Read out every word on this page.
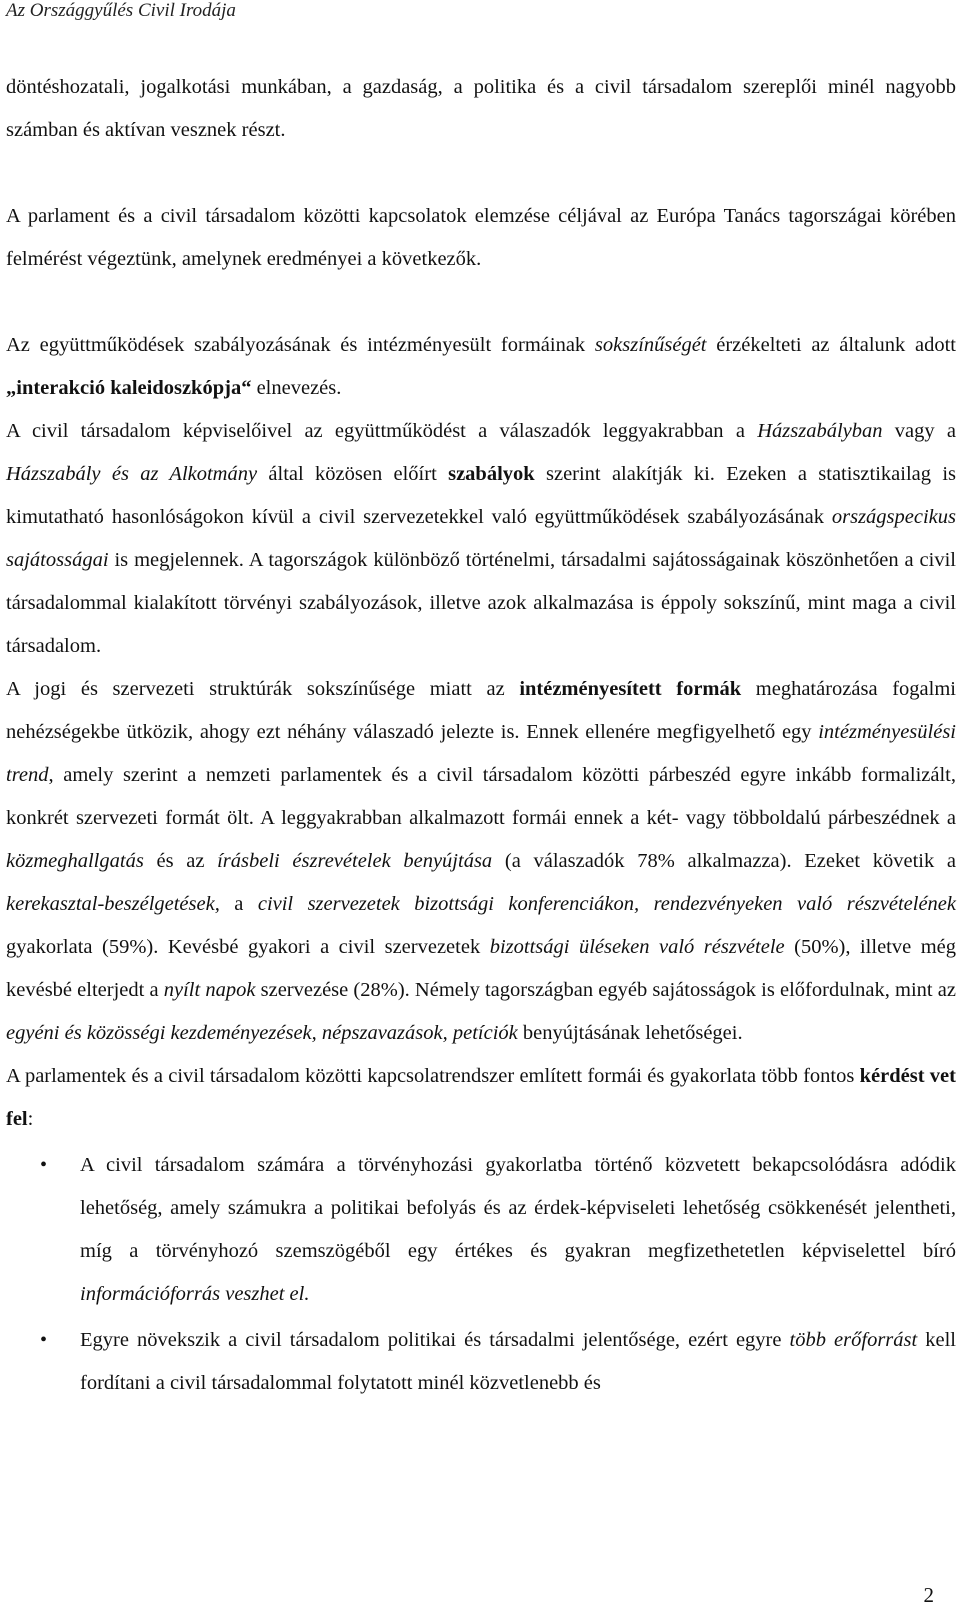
Az Országgyűlés Civil Irodája

döntéshozatali, jogalkotási munkában, a gazdaság, a politika és a civil társadalom szereplői minél nagyobb számban és aktívan vesznek részt.

A parlament és a civil társadalom közötti kapcsolatok elemzése céljával az Európa Tanács tagországai körében felmérést végeztünk, amelynek eredményei a következők.

Az együttműködések szabályozásának és intézményesült formáinak sokszínűségét érzékelteti az általunk adott „interakció kaleidoszkópja“ elnevezés.

A civil társadalom képviselőivel az együttműködést a válaszadók leggyakrabban a Házszabályban vagy a Házszabály és az Alkotmány által közösen előírt szabályok szerint alakítják ki. Ezeken a statisztikailag is kimutatható hasonlóságokon kívül a civil szervezetekkel való együttműködések szabályozásának országspecikus sajátosságai is megjelennek. A tagországok különböző történelmi, társadalmi sajátosságainak köszönhetően a civil társadalommal kialakított törvényi szabályozások, illetve azok alkalmazása is éppoly sokszínű, mint maga a civil társadalom.

A jogi és szervezeti struktúrák sokszínűsége miatt az intézményesített formák meghatározása fogalmi nehézségekbe ütközik, ahogy ezt néhány válaszadó jelezte is. Ennek ellenére megfigyelhető egy intézményesülési trend, amely szerint a nemzeti parlamentek és a civil társadalom közötti párbeszéd egyre inkább formalizált, konkrét szervezeti formát ölt. A leggyakrabban alkalmazott formái ennek a két- vagy többoldalú párbeszédnek a közmeghallgatás és az írásbeli észrevételek benyújtása (a válaszadók 78% alkalmazza). Ezeket követik a kerekasztal-beszélgetések, a civil szervezetek bizottsági konferenciákon, rendezvényeken való részvételének gyakorlata (59%). Kevésbé gyakori a civil szervezetek bizottsági üléseken való részvétele (50%), illetve még kevésbé elterjedt a nyílt napok szervezése (28%). Némely tagországban egyéb sajátosságok is előfordulnak, mint az egyéni és közösségi kezdeményezések, népszavazások, petíciók benyújtásának lehetőségei.

A parlamentek és a civil társadalom közötti kapcsolatrendszer említett formái és gyakorlata több fontos kérdést vet fel:

• A civil társadalom számára a törvényhozási gyakorlatba történő közvetett bekapcsolódásra adódik lehetőség, amely számukra a politikai befolyás és az érdek-képviseleti lehetőség csökkenését jelentheti, míg a törvényhozó szemszögéből egy értékes és gyakran megfizethetetlen képviselettel bíró információforrás veszhet el.
• Egyre növekszik a civil társadalom politikai és társadalmi jelentősége, ezért egyre több erőforrást kell fordítani a civil társadalommal folytatott minél közvetlenebb és
2
